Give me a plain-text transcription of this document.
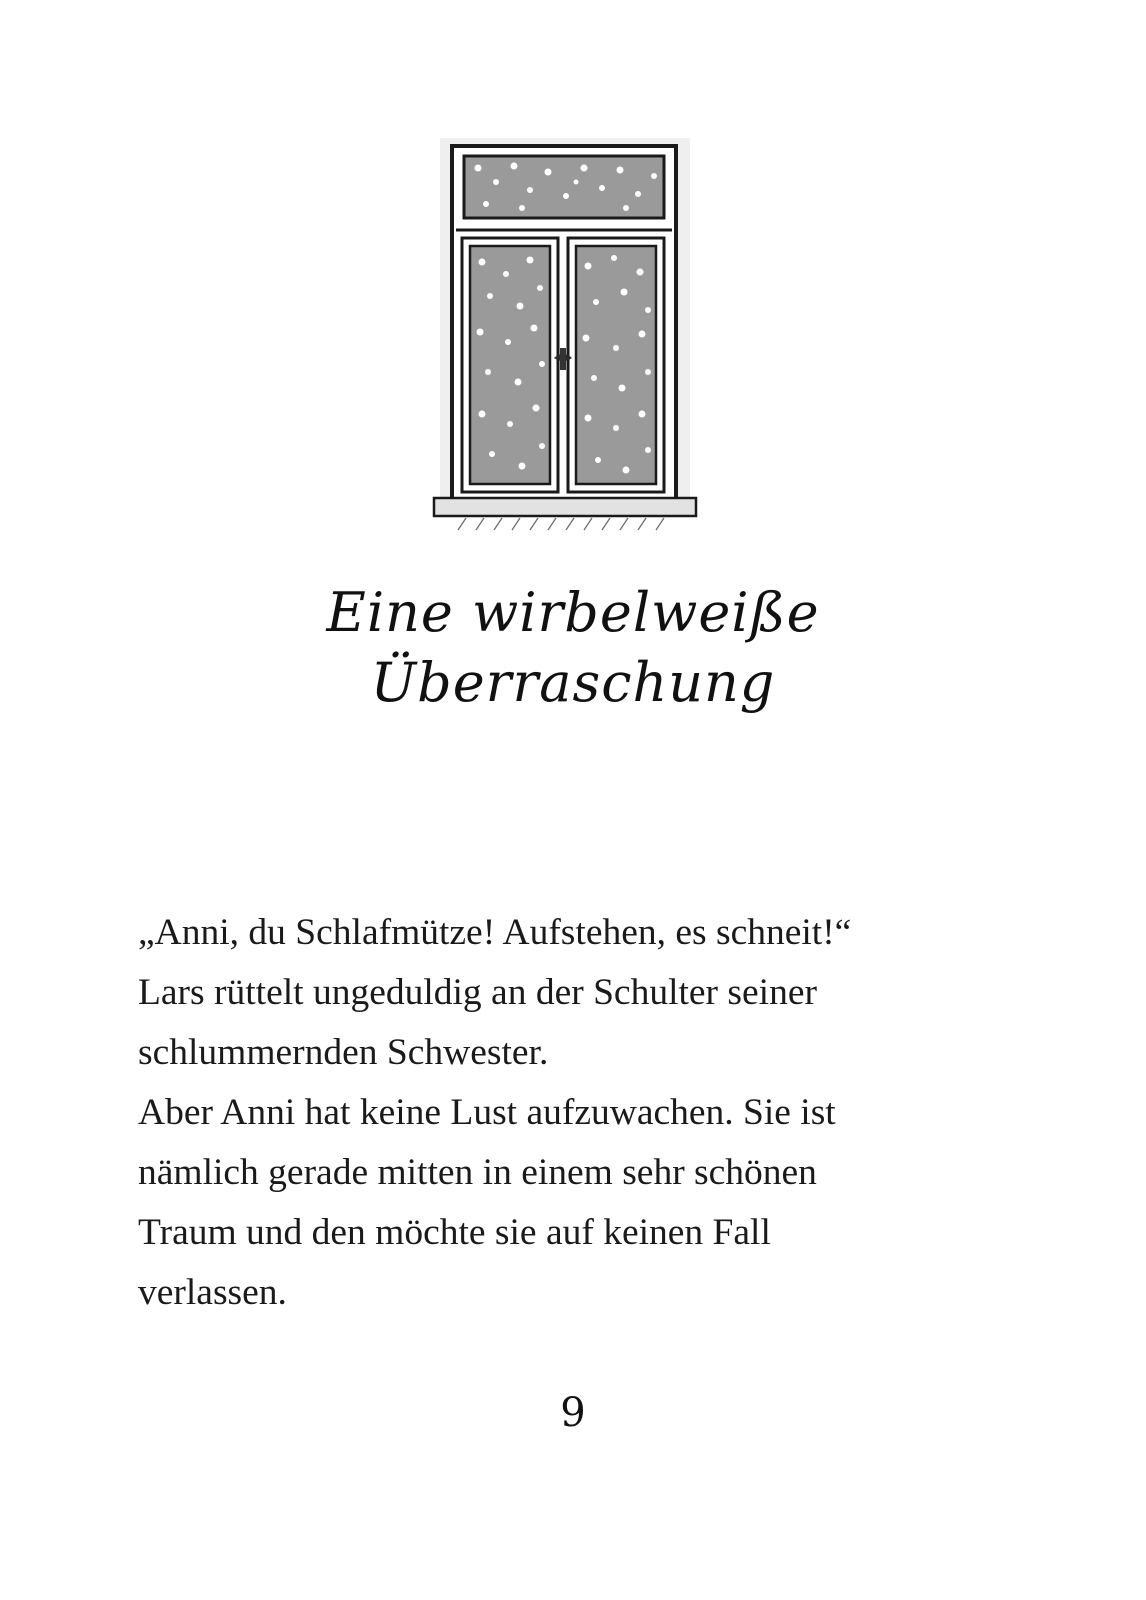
Eine wirbelweiße
Überraschung
„Anni, du Schlafmütze! Aufstehen, es schneit!“
Lars rüttelt ungeduldig an der Schulter seiner
schlummernden Schwester.
Aber Anni hat keine Lust aufzuwachen. Sie ist
nämlich gerade mitten in einem sehr schönen
Traum und den möchte sie auf keinen Fall
verlassen.
9
